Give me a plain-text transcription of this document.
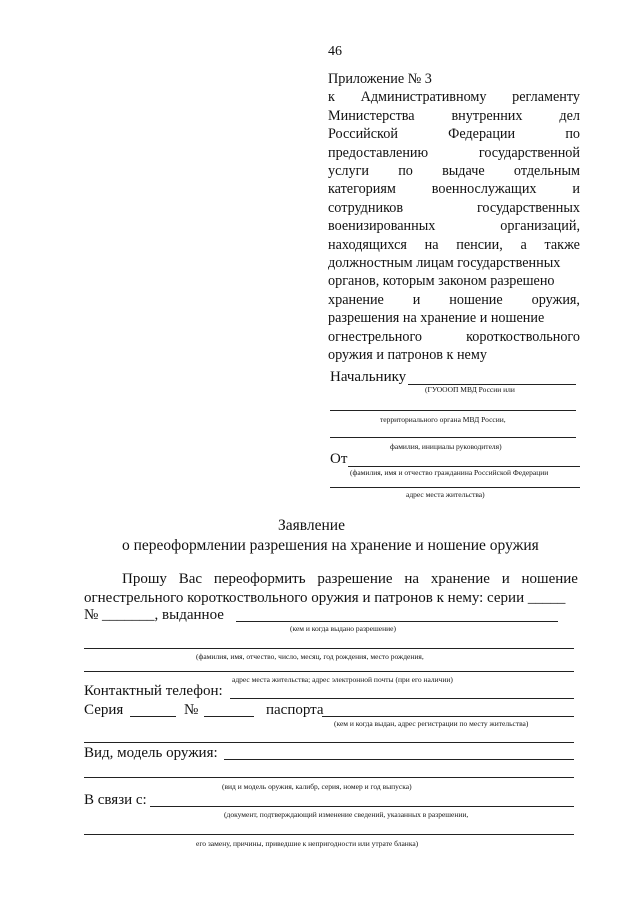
46
Приложение № 3
к Административному регламенту
Министерства	внутренних	дел
Российской	Федерации	по
предоставлению	государственной
услуги по выдаче отдельным
категориям	военнослужащих	и
сотрудников	государственных
военизированных	организаций,
находящихся на пенсии, а также
должностным лицам государственных
органов, которым законом разрешено
хранение и ношение оружия,
разрешения на хранение и ношение
огнестрельного	короткоствольного
оружия и патронов к нему
Начальнику
(ГУОООП МВД России или
территориального органа МВД России,
фамилия, инициалы руководителя)
От
(фамилия, имя и отчество гражданина Российской Федерации
адрес места жительства)
Заявление
о переоформлении разрешения на хранение и ношение оружия
Прошу Вас переоформить разрешение на хранение и ношение
огнестрельного короткоствольного оружия и патронов к нему: серии _____
№ _______, выданное
(кем и когда выдано разрешение)
(фамилия, имя, отчество, число, месяц, год рождения, место рождения,
адрес места жительства; адрес электронной почты (при его наличии)
Контактный телефон:
Серия	№	паспорта
(кем и когда выдан, адрес регистрации по месту жительства)
Вид, модель оружия:
(вид и модель оружия, калибр, серия, номер и год выпуска)
В связи с:
(документ, подтверждающий изменение сведений, указанных в разрешении,
его замену, причины, приведшие к непригодности или утрате бланка)
